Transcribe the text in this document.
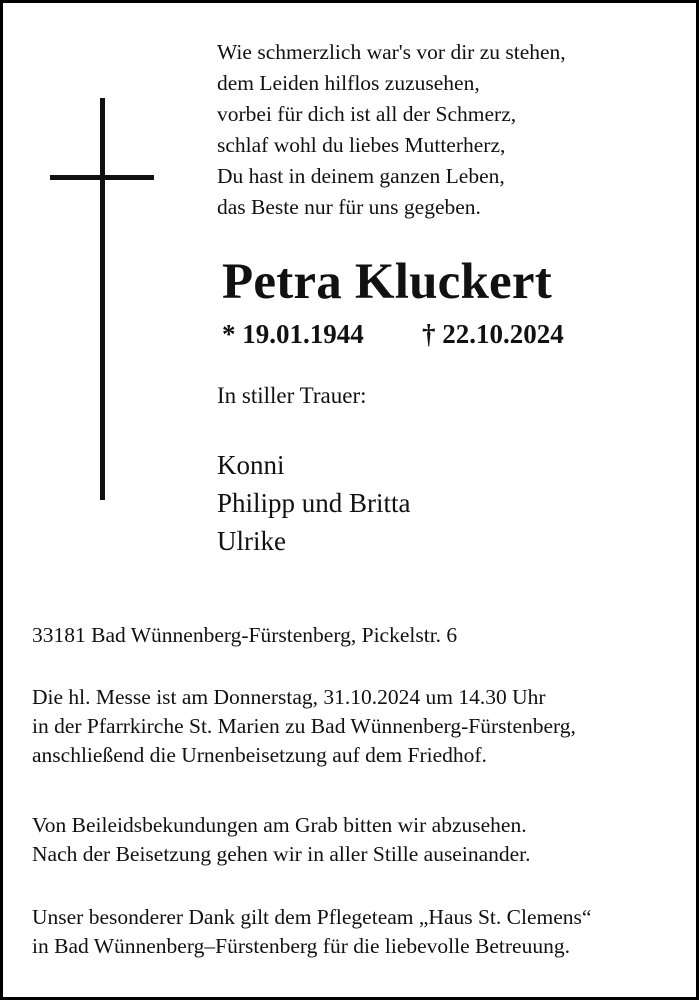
Wie schmerzlich war's vor dir zu stehen,
dem Leiden hilflos zuzusehen,
vorbei für dich ist all der Schmerz,
schlaf wohl du liebes Mutterherz,
Du hast in deinem ganzen Leben,
das Beste nur für uns gegeben.
Petra Kluckert
* 19.01.1944 † 22.10.2024
In stiller Trauer:
Konni
Philipp und Britta
Ulrike
33181 Bad Wünnenberg-Fürstenberg, Pickelstr. 6
Die hl. Messe ist am Donnerstag, 31.10.2024 um 14.30 Uhr
in der Pfarrkirche St. Marien zu Bad Wünnenberg-Fürstenberg,
anschließend die Urnenbeisetzung auf dem Friedhof.
Von Beileidsbekundungen am Grab bitten wir abzusehen.
Nach der Beisetzung gehen wir in aller Stille auseinander.
Unser besonderer Dank gilt dem Pflegeteam „Haus St. Clemens“
in Bad Wünnenberg–Fürstenberg für die liebevolle Betreuung.
